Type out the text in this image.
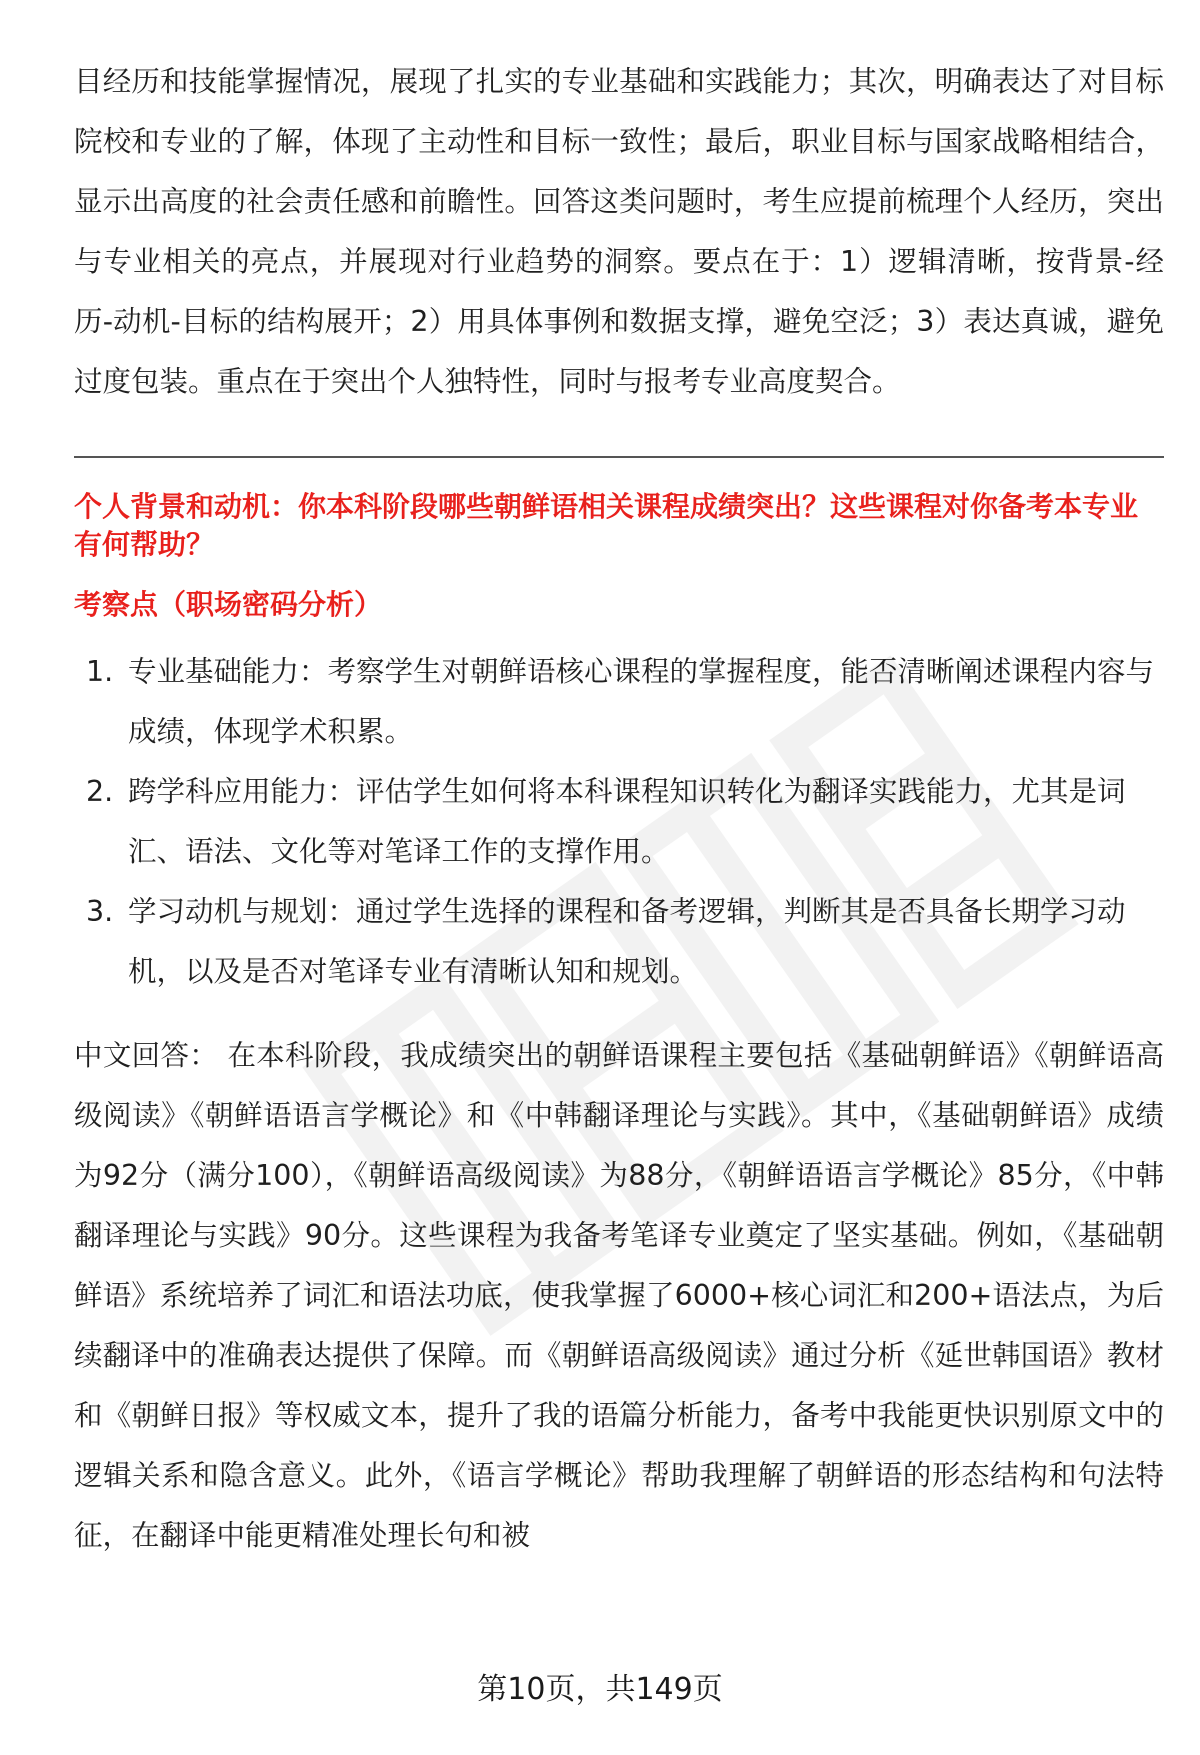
目经历和技能掌握情况，展现了扎实的专业基础和实践能力；其次，明确表达了对目标院校和专业的了解，体现了主动性和目标一致性；最后，职业目标与国家战略相结合，显示出高度的社会责任感和前瞻性。回答这类问题时，考生应提前梳理个人经历，突出与专业相关的亮点，并展现对行业趋势的洞察。要点在于：1）逻辑清晰，按背景-经历-动机-目标的结构展开；2）用具体事例和数据支撑，避免空泛；3）表达真诚，避免过度包装。重点在于突出个人独特性，同时与报考专业高度契合。

个人背景和动机：你本科阶段哪些朝鲜语相关课程成绩突出？这些课程对你备考本专业有何帮助？

考察点（职场密码分析）

1. 专业基础能力：考察学生对朝鲜语核心课程的掌握程度，能否清晰阐述课程内容与成绩，体现学术积累。
2. 跨学科应用能力：评估学生如何将本科课程知识转化为翻译实践能力，尤其是词汇、语法、文化等对笔译工作的支撑作用。
3. 学习动机与规划：通过学生选择的课程和备考逻辑，判断其是否具备长期学习动机，以及是否对笔译专业有清晰认知和规划。

中文回答： 在本科阶段，我成绩突出的朝鲜语课程主要包括《基础朝鲜语》《朝鲜语高级阅读》《朝鲜语语言学概论》和《中韩翻译理论与实践》。其中，《基础朝鲜语》成绩为92分（满分100），《朝鲜语高级阅读》为88分，《朝鲜语语言学概论》85分，《中韩翻译理论与实践》90分。这些课程为我备考笔译专业奠定了坚实基础。例如，《基础朝鲜语》系统培养了词汇和语法功底，使我掌握了6000+核心词汇和200+语法点，为后续翻译中的准确表达提供了保障。而《朝鲜语高级阅读》通过分析《延世韩国语》教材和《朝鲜日报》等权威文本，提升了我的语篇分析能力，备考中我能更快识别原文中的逻辑关系和隐含意义。此外，《语言学概论》帮助我理解了朝鲜语的形态结构和句法特征，在翻译中能更精准处理长句和被

第10页，共149页
